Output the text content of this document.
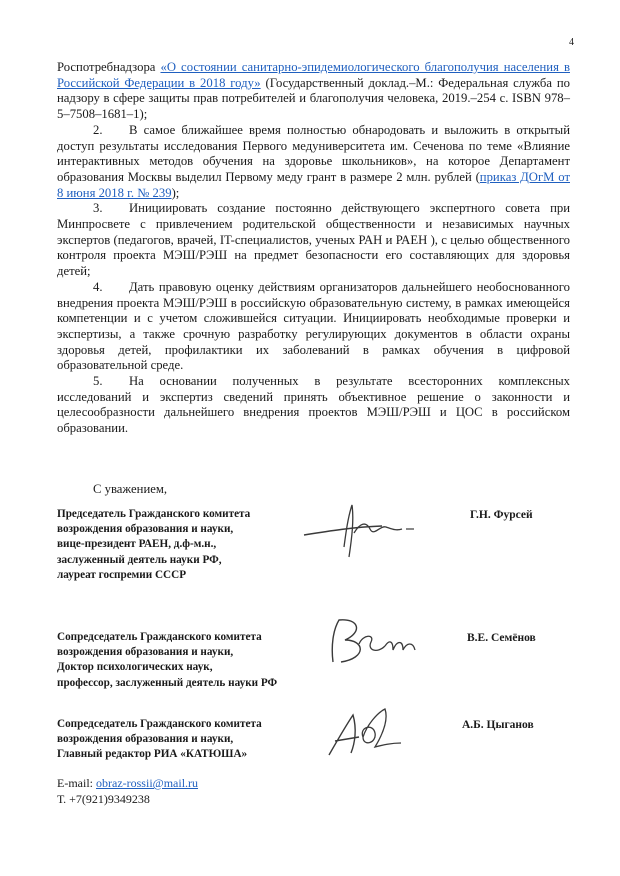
4

Роспотребнадзора «О состоянии санитарно-эпидемиологического благополучия населения в Российской Федерации в 2018 году» (Государственный доклад.–М.: Федеральная служба по надзору в сфере защиты прав потребителей и благополучия человека, 2019.–254 с. ISBN 978–5–7508–1681–1);

2. В самое ближайшее время полностью обнародовать и выложить в открытый доступ результаты исследования Первого медуниверситета им. Сеченова по теме «Влияние интерактивных методов обучения на здоровье школьников», на которое Департамент образования Москвы выделил Первому меду грант в размере 2 млн. рублей (приказ ДОгМ от 8 июня 2018 г. № 239);

3. Инициировать создание постоянно действующего экспертного совета при Минпросвете с привлечением родительской общественности и независимых научных экспертов (педагогов, врачей, IT-специалистов, ученых РАН и РАЕН ), с целью общественного контроля проекта МЭШ/РЭШ на предмет безопасности его составляющих для здоровья детей;

4. Дать правовую оценку действиям организаторов дальнейшего необоснованного внедрения проекта МЭШ/РЭШ в российскую образовательную систему, в рамках имеющейся компетенции и с учетом сложившейся ситуации. Инициировать необходимые проверки и экспертизы, а также срочную разработку регулирующих документов в области охраны здоровья детей, профилактики их заболеваний в рамках обучения в цифровой образовательной среде.

5. На основании полученных в результате всесторонних комплексных исследований и экспертиз сведений принять объективное решение о законности и целесообразности дальнейшего внедрения проектов МЭШ/РЭШ и ЦОС в российском образовании.

С уважением,
Председатель Гражданского комитета
возрождения образования и науки,
вице-президент РАЕН, д.ф-м.н.,
заслуженный деятель науки РФ,
лауреат госпремии СССР
Г.Н. Фурсей
Сопредседатель Гражданского комитета
возрождения образования и науки,
Доктор психологических наук,
профессор, заслуженный деятель науки РФ
В.Е. Семёнов
Сопредседатель Гражданского комитета
возрождения образования и науки,
Главный редактор РИА «КАТЮША»
А.Б. Цыганов
E-mail: obraz-rossii@mail.ru
Т. +7(921)9349238
